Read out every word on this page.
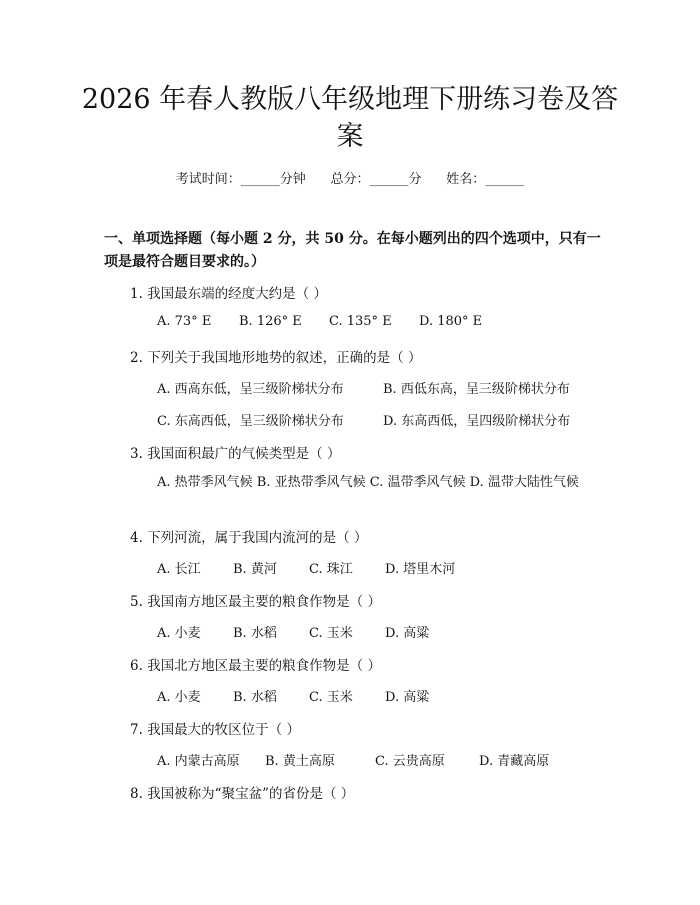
2026 年春人教版八年级地理下册练习卷及答
案
考试时间：______分钟      总分：______分      姓名：______
一、单项选择题（每小题 2 分，共 50 分。在每小题列出的四个选项中，只有一项是最符合题目要求的。）
1. 我国最东端的经度大约是（ ）
A. 73° E B. 126° E C. 135° E D. 180° E
2. 下列关于我国地形地势的叙述，正确的是（ ）
A. 西高东低，呈三级阶梯状分布	B. 西低东高，呈三级阶梯状分布
C. 东高西低，呈三级阶梯状分布	D. 东高西低，呈四级阶梯状分布
3. 我国面积最广的气候类型是（ ）
A. 热带季风气候 B. 亚热带季风气候 C. 温带季风气候 D. 温带大陆性气候
4. 下列河流，属于我国内流河的是（ ）
A. 长江 B. 黄河 C. 珠江 D. 塔里木河
5. 我国南方地区最主要的粮食作物是（ ）
A. 小麦 B. 水稻 C. 玉米 D. 高粱
6. 我国北方地区最主要的粮食作物是（ ）
A. 小麦 B. 水稻 C. 玉米 D. 高粱
7. 我国最大的牧区位于（ ）
A. 内蒙古高原 B. 黄土高原	C. 云贵高原	D. 青藏高原
8. 我国被称为“聚宝盆”的省份是（ ）
